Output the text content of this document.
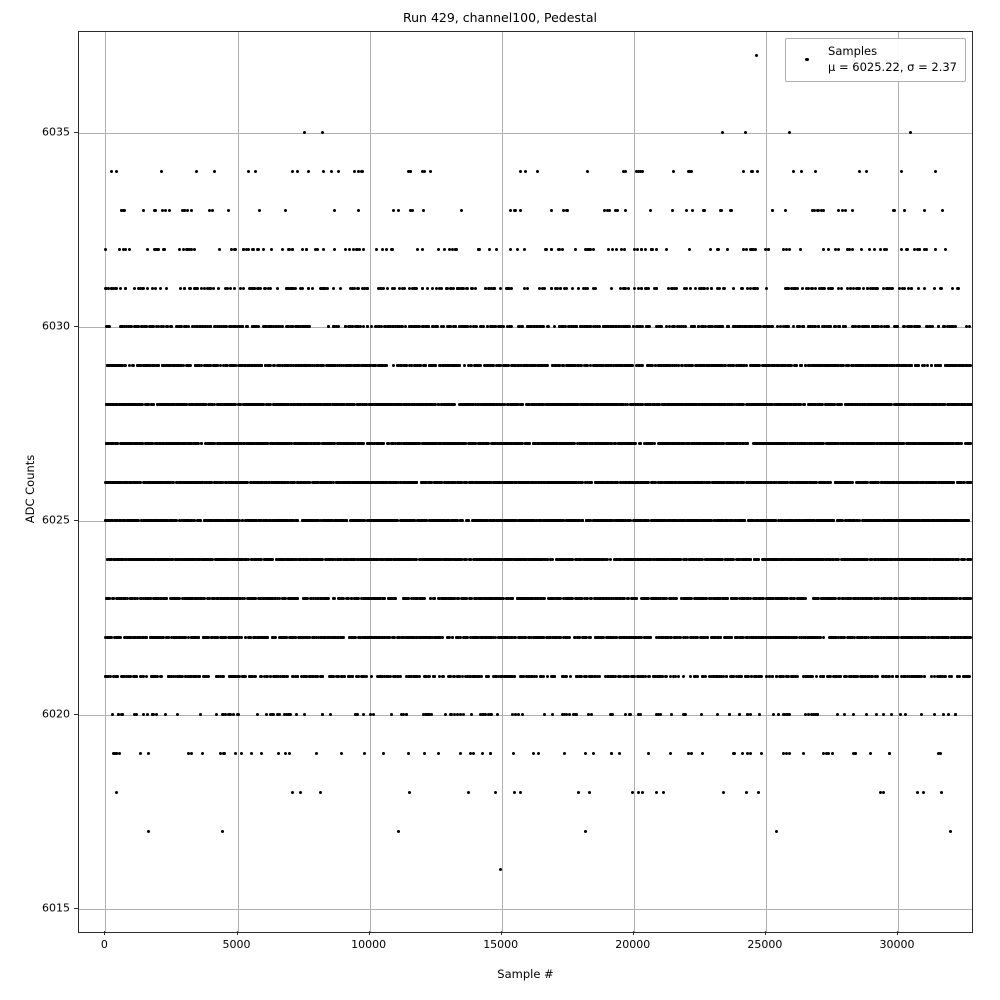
Run 429, channel100, Pedestal
Samples
μ = 6025.22, σ = 2.37
0	5000	10000	15000	20000	25000	30000
6015
6020
6025
6030
6035
Sample #
ADC Counts
